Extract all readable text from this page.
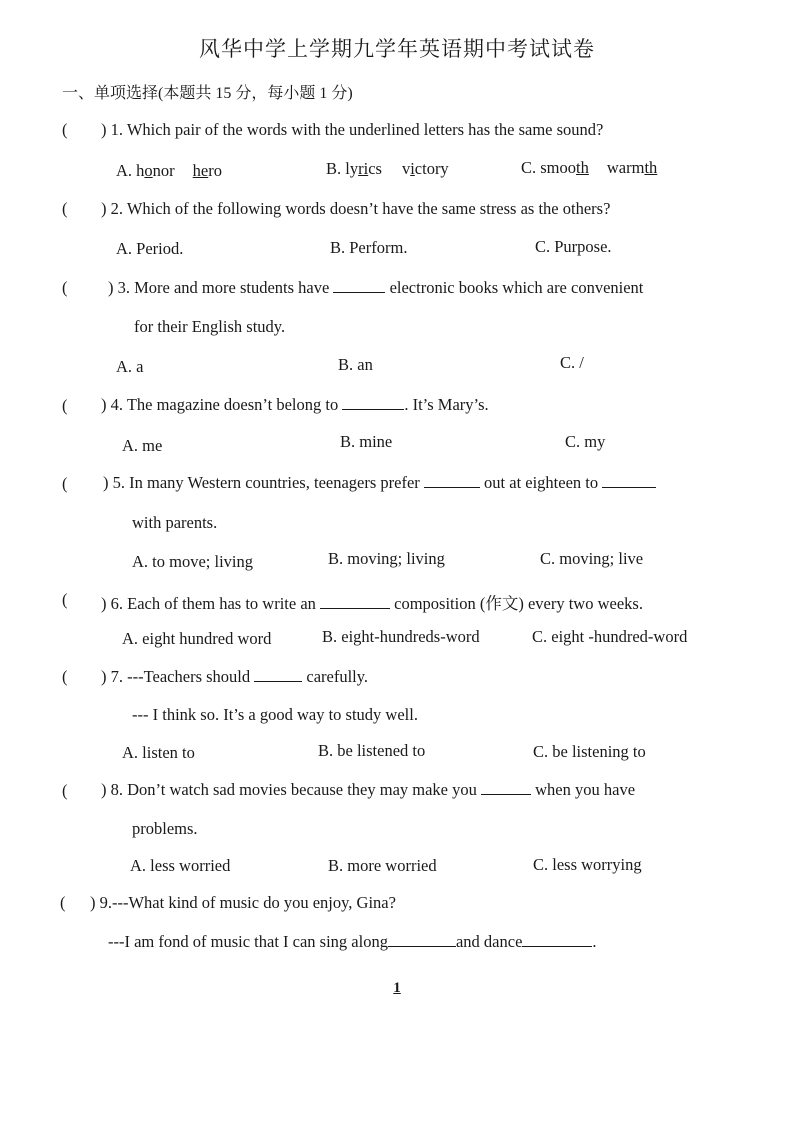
风华中学上学期九学年英语期中考试试卷
一、单项选择(本题共 15 分，每小题 1 分)
( ) 1. Which pair of the words with the underlined letters has the same sound?
A. honor hero	B. lyrics victory	C. smooth warmth
( ) 2. Which of the following words doesn’t have the same stress as the others?
A. Period.	B. Perform.	C. Purpose.
( ) 3. More and more students have	electronic books which are convenient
for their English study.
A. a	B. an	C. /
( ) 4. The magazine doesn’t belong to	. It’s Mary’s.
A. me	B. mine	C. my
( ) 5. In many Western countries, teenagers prefer	out at eighteen to
with parents.
A. to move; living	B. moving; living	C. moving; live
( ) 6. Each of them has to write an	composition (作文) every two weeks.
A. eight hundred word	B. eight-hundreds-word	C. eight -hundred-word
( ) 7. ---Teachers should	carefully.
--- I think so. It’s a good way to study well.
A. listen to	B. be listened to	C. be listening to
( ) 8. Don’t watch sad movies because they may make you	when you have
problems.
A. less worried	B. more worried	C. less worrying
( ) 9.---What kind of music do you enjoy, Gina?
---I am fond of music that I can sing along	and dance	.
1
